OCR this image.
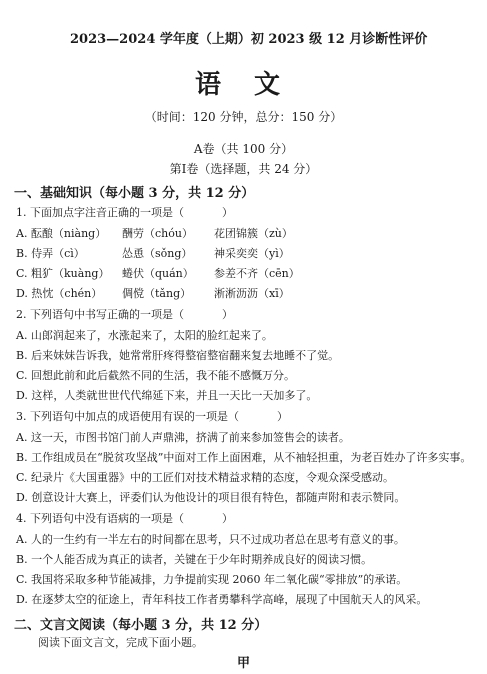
2023—2024 学年度（上期）初 2023 级 12 月诊断性评价
语 文
（时间：120 分钟，总分：150 分）
A卷（共 100 分）
第Ⅰ卷（选择题，共 24 分）
一、基础知识（每小题 3 分，共 12 分）
1. 下面加点字注音正确的一项是（	）
A. 酝酿（niàng） 酬劳（chóu） 花团锦簇（zù）
B. 侍弄（cì）	怂恿（sǒng） 神采奕奕（yì）
C. 粗犷（kuàng） 蜷伏（quán） 参差不齐（cēn）
D. 热忱（chén） 倜傥（tǎng） 淅淅沥沥（xī）
2. 下列语句中书写正确的一项是（	）
A. 山郎润起来了，水涨起来了，太阳的脸红起来了。
B. 后来妹妹告诉我，她常常肝疼得整宿整宿翻来复去地睡不了觉。
C. 回想此前和此后截然不同的生活，我不能不感慨万分。
D. 这样，人类就世世代代绵延下来，并且一天比一天加多了。
3. 下列语句中加点的成语使用有误的一项是（	）
A. 这一天，市图书馆门前人声鼎沸，挤满了前来参加签售会的读者。
B. 工作组成员在“脱贫攻坚战”中面对工作上面困难，从不袖轻担重，为老百姓办了许多实事。
C. 纪录片《大国重器》中的工匠们对技术精益求精的态度，令观众深受感动。
D. 创意设计大赛上，评委们认为他设计的项目很有特色，都随声附和表示赞同。
4. 下列语句中没有语病的一项是（	）
A. 人的一生约有一半左右的时间都在思考，只不过成功者总在思考有意义的事。
B. 一个人能否成为真正的读者，关键在于少年时期养成良好的阅读习惯。
C. 我国将采取多种节能减排，力争提前实现 2060 年二氧化碳“零排放”的承诺。
D. 在逐梦太空的征途上，青年科技工作者勇攀科学高峰，展现了中国航天人的风采。
二、文言文阅读（每小题 3 分，共 12 分）
阅读下面文言文，完成下面小题。
甲
